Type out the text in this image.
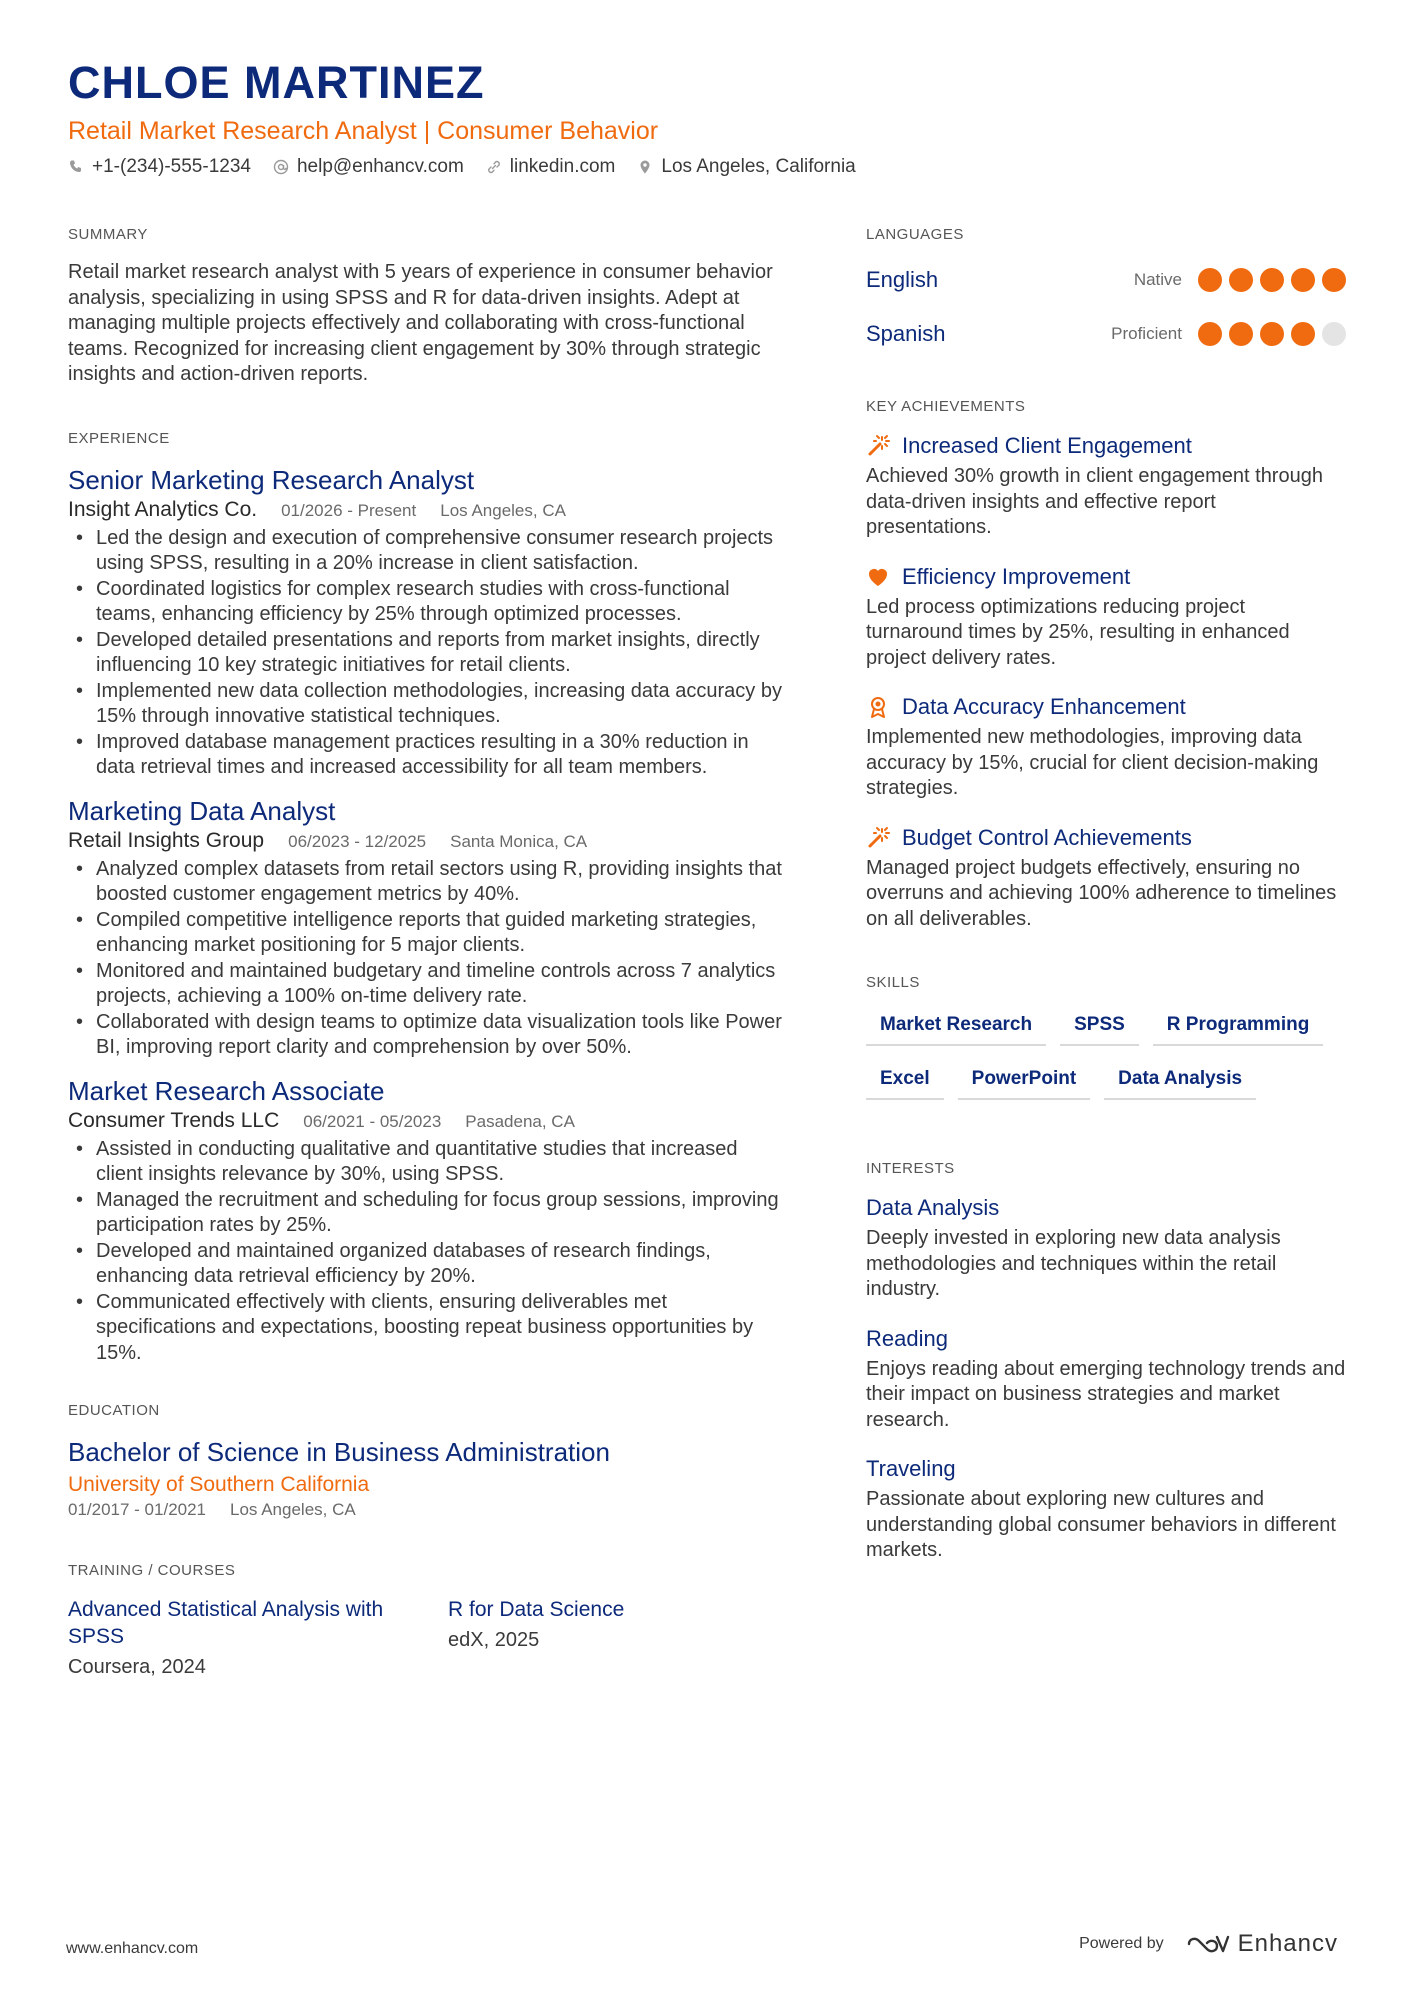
CHLOE MARTINEZ
Retail Market Research Analyst | Consumer Behavior
+1-(234)-555-1234 help@enhancv.com linkedin.com Los Angeles, California
SUMMARY

Retail market research analyst with 5 years of experience in consumer behavior analysis, specializing in using SPSS and R for data-driven insights. Adept at managing multiple projects effectively and collaborating with cross-functional teams. Recognized for increasing client engagement by 30% through strategic insights and action-driven reports.

EXPERIENCE
Senior Marketing Research Analyst
Insight Analytics Co. 01/2026 - Present Los Angeles, CA
• Led the design and execution of comprehensive consumer research projects using SPSS, resulting in a 20% increase in client satisfaction.
• Coordinated logistics for complex research studies with cross-functional teams, enhancing efficiency by 25% through optimized processes.
• Developed detailed presentations and reports from market insights, directly influencing 10 key strategic initiatives for retail clients.
• Implemented new data collection methodologies, increasing data accuracy by 15% through innovative statistical techniques.
• Improved database management practices resulting in a 30% reduction in data retrieval times and increased accessibility for all team members.
Marketing Data Analyst
Retail Insights Group 06/2023 - 12/2025 Santa Monica, CA
• Analyzed complex datasets from retail sectors using R, providing insights that boosted customer engagement metrics by 40%.
• Compiled competitive intelligence reports that guided marketing strategies, enhancing market positioning for 5 major clients.
• Monitored and maintained budgetary and timeline controls across 7 analytics projects, achieving a 100% on-time delivery rate.
• Collaborated with design teams to optimize data visualization tools like Power BI, improving report clarity and comprehension by over 50%.
Market Research Associate
Consumer Trends LLC 06/2021 - 05/2023 Pasadena, CA
• Assisted in conducting qualitative and quantitative studies that increased client insights relevance by 30%, using SPSS.
• Managed the recruitment and scheduling for focus group sessions, improving participation rates by 25%.
• Developed and maintained organized databases of research findings, enhancing data retrieval efficiency by 20%.
• Communicated effectively with clients, ensuring deliverables met specifications and expectations, boosting repeat business opportunities by 15%.
EDUCATION
Bachelor of Science in Business Administration
University of Southern California
01/2017 - 01/2021 Los Angeles, CA
TRAINING / COURSES
Advanced Statistical Analysis with SPSS
Coursera, 2024
R for Data Science
edX, 2025
LANGUAGES
English	Native
Spanish	Proficient
KEY ACHIEVEMENTS
Increased Client Engagement
Achieved 30% growth in client engagement through data-driven insights and effective report presentations.
Efficiency Improvement
Led process optimizations reducing project turnaround times by 25%, resulting in enhanced project delivery rates.
Data Accuracy Enhancement
Implemented new methodologies, improving data accuracy by 15%, crucial for client decision-making strategies.
Budget Control Achievements
Managed project budgets effectively, ensuring no overruns and achieving 100% adherence to timelines on all deliverables.
SKILLS
Market Research	SPSS	R Programming
Excel	PowerPoint	Data Analysis
INTERESTS
Data Analysis
Deeply invested in exploring new data analysis methodologies and techniques within the retail industry.
Reading
Enjoys reading about emerging technology trends and their impact on business strategies and market research.
Traveling
Passionate about exploring new cultures and understanding global consumer behaviors in different markets.
www.enhancv.com	Powered by	Enhancv
